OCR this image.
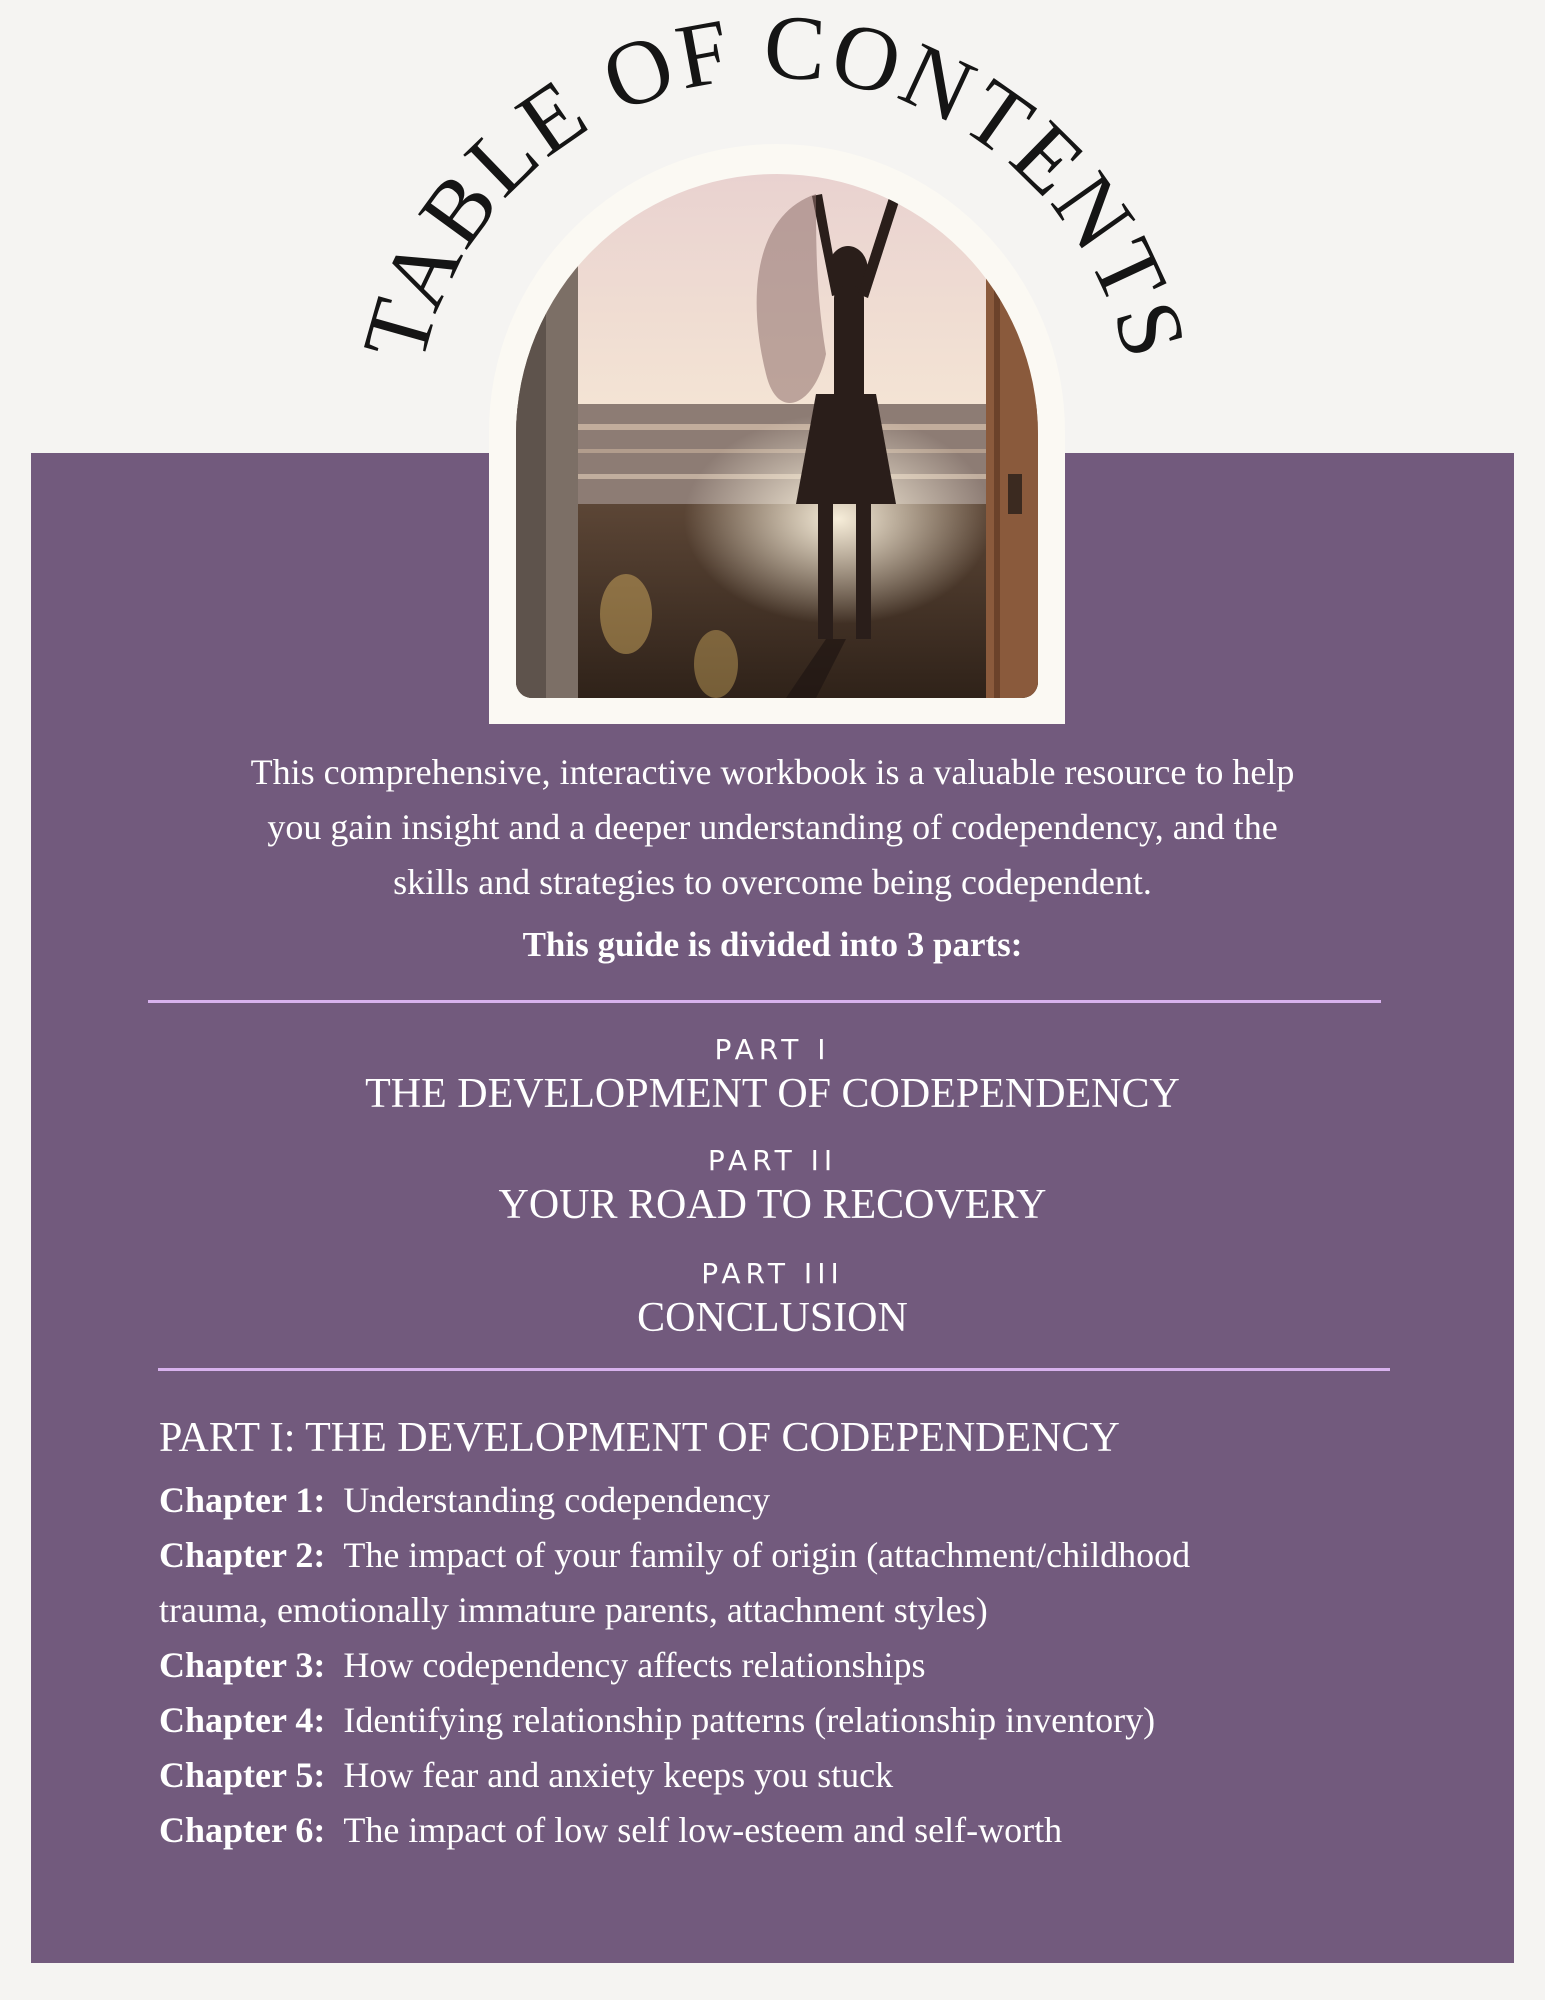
TABLE OF CONTENTS
This comprehensive, interactive workbook is a valuable resource to help
you gain insight and a deeper understanding of codependency, and the
skills and strategies to overcome being codependent.
This guide is divided into 3 parts:
PART I
THE DEVELOPMENT OF CODEPENDENCY
PART II
YOUR ROAD TO RECOVERY
PART III
CONCLUSION
PART I: THE DEVELOPMENT OF CODEPENDENCY
Chapter 1: Understanding codependency
Chapter 2: The impact of your family of origin (attachment/childhood
trauma, emotionally immature parents, attachment styles)
Chapter 3: How codependency affects relationships
Chapter 4: Identifying relationship patterns (relationship inventory)
Chapter 5: How fear and anxiety keeps you stuck
Chapter 6: The impact of low self low-esteem and self-worth
